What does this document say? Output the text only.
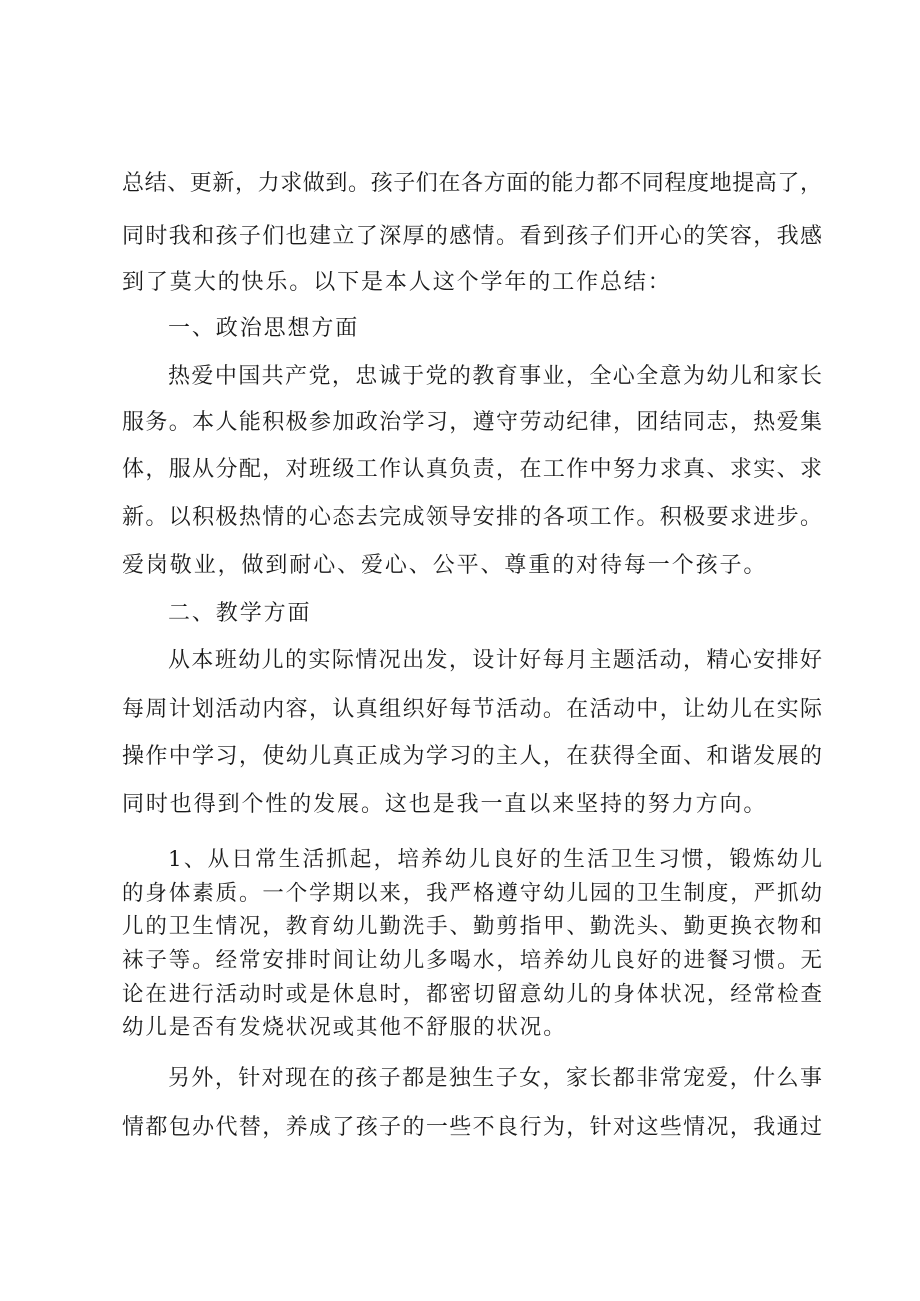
总结、更新，力求做到。孩子们在各方面的能力都不同程度地提高了，
同时我和孩子们也建立了深厚的感情。看到孩子们开心的笑容，我感
到了莫大的快乐。以下是本人这个学年的工作总结：
一、政治思想方面
热爱中国共产党，忠诚于党的教育事业，全心全意为幼儿和家长
服务。本人能积极参加政治学习，遵守劳动纪律，团结同志，热爱集
体，服从分配，对班级工作认真负责，在工作中努力求真、求实、求
新。以积极热情的心态去完成领导安排的各项工作。积极要求进步。
爱岗敬业，做到耐心、爱心、公平、尊重的对待每一个孩子。
二、教学方面
从本班幼儿的实际情况出发，设计好每月主题活动，精心安排好
每周计划活动内容，认真组织好每节活动。在活动中，让幼儿在实际
操作中学习，使幼儿真正成为学习的主人，在获得全面、和谐发展的
同时也得到个性的发展。这也是我一直以来坚持的努力方向。
1、从日常生活抓起，培养幼儿良好的生活卫生习惯，锻炼幼儿
的身体素质。一个学期以来，我严格遵守幼儿园的卫生制度，严抓幼
儿的卫生情况，教育幼儿勤洗手、勤剪指甲、勤洗头、勤更换衣物和
袜子等。经常安排时间让幼儿多喝水，培养幼儿良好的进餐习惯。无
论在进行活动时或是休息时，都密切留意幼儿的身体状况，经常检查
幼儿是否有发烧状况或其他不舒服的状况。
另外，针对现在的孩子都是独生子女，家长都非常宠爱，什么事
情都包办代替，养成了孩子的一些不良行为，针对这些情况，我通过
